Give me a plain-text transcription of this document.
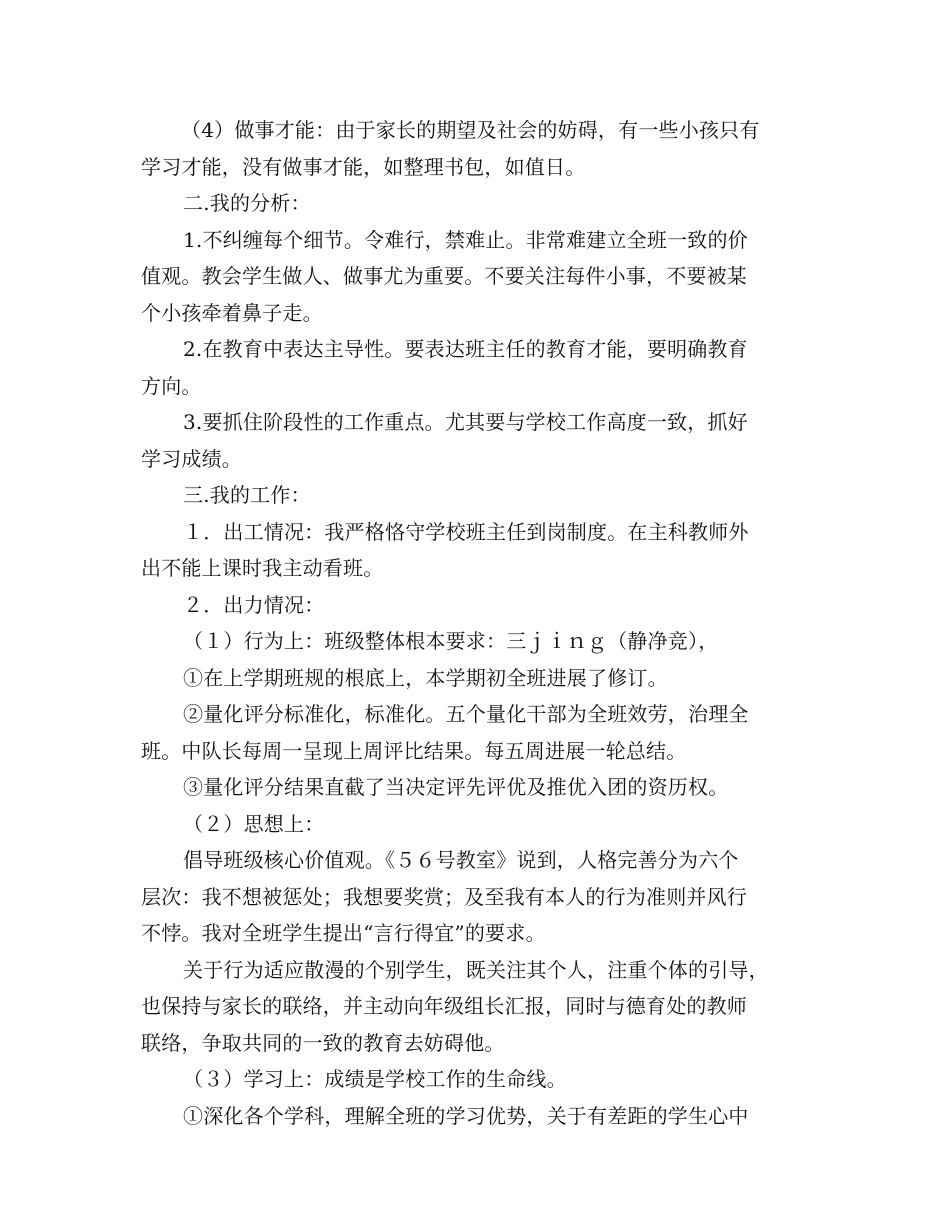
（4）做事才能：由于家长的期望及社会的妨碍，有一些小孩只有
学习才能，没有做事才能，如整理书包，如值日。
二.我的分析：
1.不纠缠每个细节。令难行，禁难止。非常难建立全班一致的价
值观。教会学生做人、做事尤为重要。不要关注每件小事，不要被某
个小孩牵着鼻子走。
2.在教育中表达主导性。要表达班主任的教育才能，要明确教育
方向。
3.要抓住阶段性的工作重点。尤其要与学校工作高度一致，抓好
学习成绩。
三.我的工作：
１．出工情况：我严格恪守学校班主任到岗制度。在主科教师外
出不能上课时我主动看班。
２．出力情况：
（１）行为上：班级整体根本要求：三ｊｉｎｇ（静净竞），
①在上学期班规的根底上，本学期初全班进展了修订。
②量化评分标准化，标准化。五个量化干部为全班效劳，治理全
班。中队长每周一呈现上周评比结果。每五周进展一轮总结。
③量化评分结果直截了当决定评先评优及推优入团的资历权。
（２）思想上：
倡导班级核心价值观。《５６号教室》说到，人格完善分为六个
层次：我不想被惩处；我想要奖赏；及至我有本人的行为准则并风行
不悖。我对全班学生提出“言行得宜”的要求。
关于行为适应散漫的个别学生，既关注其个人，注重个体的引导，
也保持与家长的联络，并主动向年级组长汇报，同时与德育处的教师
联络，争取共同的一致的教育去妨碍他。
（３）学习上：成绩是学校工作的生命线。
①深化各个学科，理解全班的学习优势，关于有差距的学生心中
